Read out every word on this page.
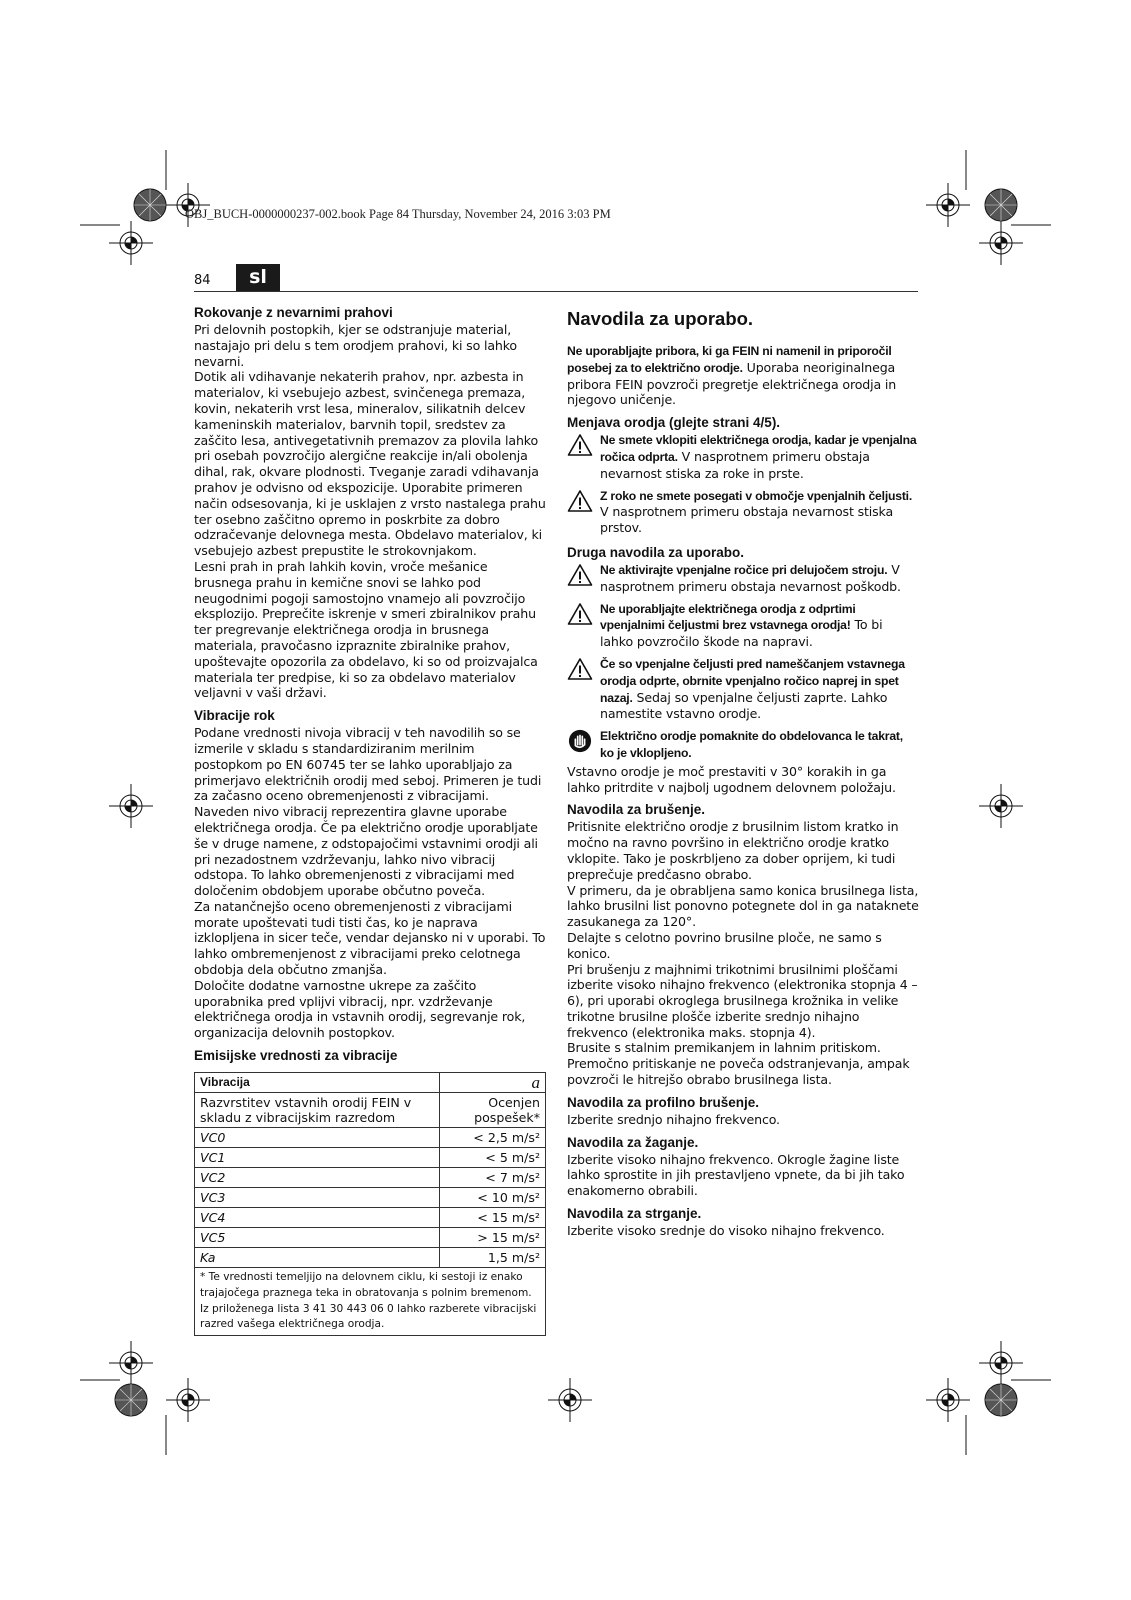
OBJ_BUCH-0000000237-002.book Page 84 Thursday, November 24, 2016 3:03 PM
84	sl
Rokovanje z nevarnimi prahovi

Pri delovnih postopkih, kjer se odstranjuje material, nastajajo pri delu s tem orodjem prahovi, ki so lahko nevarni.

Dotik ali vdihavanje nekaterih prahov, npr. azbesta in materialov, ki vsebujejo azbest, svinčenega premaza, kovin, nekaterih vrst lesa, mineralov, silikatnih delcev kameninskih materialov, barvnih topil, sredstev za zaščito lesa, antivegetativnih premazov za plovila lahko pri osebah povzročijo alergične reakcije in/ali obolenja dihal, rak, okvare plodnosti. Tveganje zaradi vdihavanja prahov je odvisno od ekspozicije. Uporabite primeren način odsesovanja, ki je usklajen z vrsto nastalega prahu ter osebno zaščitno opremo in poskrbite za dobro odzračevanje delovnega mesta. Obdelavo materialov, ki vsebujejo azbest prepustite le strokovnjakom.

Lesni prah in prah lahkih kovin, vroče mešanice brusnega prahu in kemične snovi se lahko pod neugodnimi pogoji samostojno vnamejo ali povzročijo eksplozijo. Preprečite iskrenje v smeri zbiralnikov prahu ter pregrevanje električnega orodja in brusnega materiala, pravočasno izpraznite zbiralnike prahov, upoštevajte opozorila za obdelavo, ki so od proizvajalca materiala ter predpise, ki so za obdelavo materialov veljavni v vaši državi.

Vibracije rok

Podane vrednosti nivoja vibracij v teh navodilih so se izmerile v skladu s standardiziranim merilnim postopkom po EN 60745 ter se lahko uporabljajo za primerjavo električnih orodij med seboj. Primeren je tudi za začasno oceno obremenjenosti z vibracijami.

Naveden nivo vibracij reprezentira glavne uporabe električnega orodja. Če pa električno orodje uporabljate še v druge namene, z odstopajočimi vstavnimi orodji ali pri nezadostnem vzdrževanju, lahko nivo vibracij odstopa. To lahko obremenjenosti z vibracijami med določenim obdobjem uporabe občutno poveča.

Za natančnejšo oceno obremenjenosti z vibracijami morate upoštevati tudi tisti čas, ko je naprava izklopljena in sicer teče, vendar dejansko ni v uporabi. To lahko ombremenjenost z vibracijami preko celotnega obdobja dela občutno zmanjša.

Določite dodatne varnostne ukrepe za zaščito uporabnika pred vplijvi vibracij, npr. vzdrževanje električnega orodja in vstavnih orodij, segrevanje rok, organizacija delovnih postopkov.

Emisijske vrednosti za vibracije
Vibracija	a
Razvrstitev vstavnih orodij FEIN v skladu z vibracijskim razredom	Ocenjen pospešek*
VC0	< 2,5 m/s²
VC1	< 5 m/s²
VC2	< 7 m/s²
VC3	< 10 m/s²
VC4	< 15 m/s²
VC5	> 15 m/s²
Ka	1,5 m/s²

* Te vrednosti temeljijo na delovnem ciklu, ki sestoji iz enako trajajočega praznega teka in obratovanja s polnim bremenom.
Iz priloženega lista 3 41 30 443 06 0 lahko razberete vibracijski razred vašega električnega orodja.	
Navodila za uporabo.

Ne uporabljajte pribora, ki ga FEIN ni namenil in priporočil posebej za to električno orodje. Uporaba neoriginalnega pribora FEIN povzroči pregretje električnega orodja in njegovo uničenje.

Menjava orodja (glejte strani 4/5).

Ne smete vklopiti električnega orodja, kadar je vpenjalna ročica odprta. V nasprotnem primeru obstaja nevarnost stiska za roke in prste.

Z roko ne smete posegati v območje vpenjalnih čeljusti. V nasprotnem primeru obstaja nevarnost stiska prstov.

Druga navodila za uporabo.

Ne aktivirajte vpenjalne ročice pri delujočem stroju. V nasprotnem primeru obstaja nevarnost poškodb.

Ne uporabljajte električnega orodja z odprtimi vpenjalnimi čeljustmi brez vstavnega orodja! To bi lahko povzročilo škode na napravi.

Če so vpenjalne čeljusti pred nameščanjem vstavnega orodja odprte, obrnite vpenjalno ročico naprej in spet nazaj. Sedaj so vpenjalne čeljusti zaprte. Lahko namestite vstavno orodje.

Električno orodje pomaknite do obdelovanca le takrat, ko je vklopljeno.

Vstavno orodje je moč prestaviti v 30° korakih in ga lahko pritrdite v najbolj ugodnem delovnem položaju.

Navodila za brušenje.

Pritisnite električno orodje z brusilnim listom kratko in močno na ravno površino in električno orodje kratko vklopite. Tako je poskrbljeno za dober oprijem, ki tudi preprečuje predčasno obrabo.

V primeru, da je obrabljena samo konica brusilnega lista, lahko brusilni list ponovno potegnete dol in ga nataknete zasukanega za 120°.

Delajte s celotno povrino brusilne ploče, ne samo s konico.

Pri brušenju z majhnimi trikotnimi brusilnimi ploščami izberite visoko nihajno frekvenco (elektronika stopnja 4 – 6), pri uporabi okroglega brusilnega krožnika in velike trikotne brusilne plošče izberite srednjo nihajno frekvenco (elektronika maks. stopnja 4).

Brusite s stalnim premikanjem in lahnim pritiskom. Premočno pritiskanje ne poveča odstranjevanja, ampak povzroči le hitrejšo obrabo brusilnega lista.

Navodila za profilno brušenje.

Izberite srednjo nihajno frekvenco.

Navodila za žaganje.

Izberite visoko nihajno frekvenco. Okrogle žagine liste lahko sprostite in jih prestavljeno vpnete, da bi jih tako enakomerno obrabili.

Navodila za strganje.

Izberite visoko srednje do visoko nihajno frekvenco.
